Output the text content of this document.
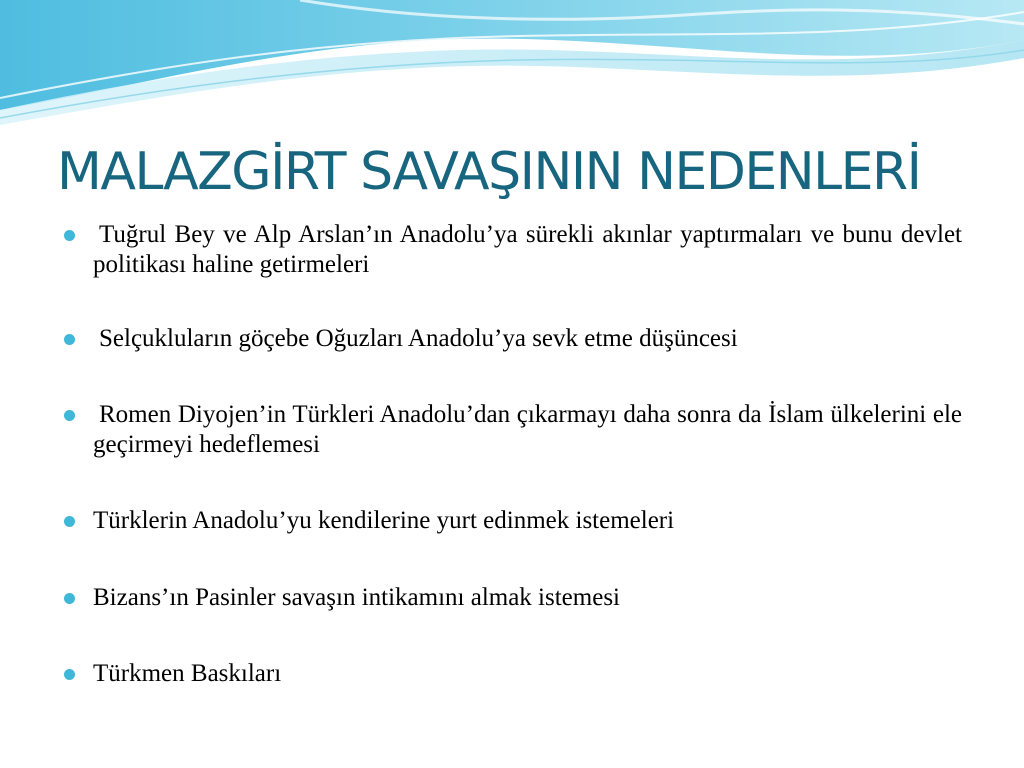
MALAZGİRT SAVAŞININ NEDENLERİ
Tuğrul Bey ve Alp Arslan’ın Anadolu’ya sürekli akınlar yaptırmaları ve bunu devlet politikası haline getirmeleri
Selçukluların göçebe Oğuzları Anadolu’ya sevk etme düşüncesi
Romen Diyojen’in Türkleri Anadolu’dan çıkarmayı daha sonra da İslam ülkelerini ele geçirmeyi hedeflemesi
Türklerin Anadolu’yu kendilerine yurt edinmek istemeleri
Bizans’ın Pasinler savaşın intikamını almak istemesi
Türkmen Baskıları
